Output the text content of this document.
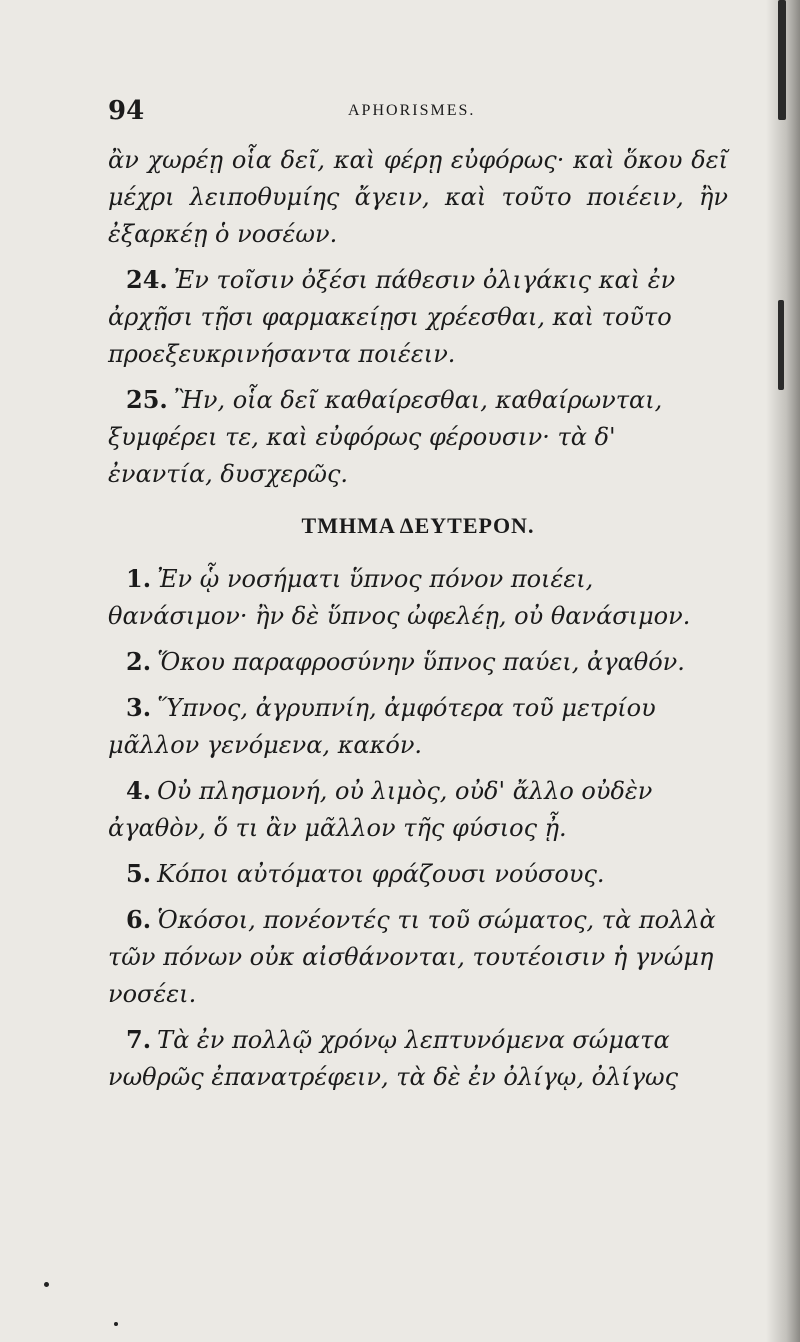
94	APHORISMES.

ἂν χωρέῃ οἷα δεῖ, καὶ φέρῃ εὐφόρως· καὶ ὅκου δεῖ μέχρι λειποθυμίης ἄγειν, καὶ τοῦτο ποιέειν, ἢν ἐξαρκέῃ ὁ νοσέων.

24. Ἐν τοῖσιν ὀξέσι πάθεσιν ὀλιγάκις καὶ ἐν ἀρχῇσι τῇσι φαρμακείῃσι χρέεσθαι, καὶ τοῦτο προεξευκρινήσαντα ποιέειν.

25. Ἢν, οἷα δεῖ καθαίρεσθαι, καθαίρωνται, ξυμφέρει τε, καὶ εὐφόρως φέρουσιν· τὰ δ' ἐναντία, δυσχερῶς.

ΤΜΗΜΑ ΔΕΥΤΕΡΟΝ.

1. Ἐν ᾧ νοσήματι ὕπνος πόνον ποιέει, θανάσιμον· ἢν δὲ ὕπνος ὠφελέῃ, οὐ θανάσιμον.

2. Ὅκου παραφροσύνην ὕπνος παύει, ἀγαθόν.

3. Ὕπνος, ἀγρυπνίη, ἀμφότερα τοῦ μετρίου μᾶλλον γενόμενα, κακόν.

4. Οὐ πλησμονή, οὐ λιμὸς, οὐδ' ἄλλο οὐδὲν ἀγαθὸν, ὅ τι ἂν μᾶλλον τῆς φύσιος ᾖ.

5. Κόποι αὐτόματοι φράζουσι νούσους.

6. Ὁκόσοι, πονέοντές τι τοῦ σώματος, τὰ πολλὰ τῶν πόνων οὐκ αἰσθάνονται, τουτέοισιν ἡ γνώμη νοσέει.

7. Τὰ ἐν πολλῷ χρόνῳ λεπτυνόμενα σώματα νωθρῶς ἐπανατρέφειν, τὰ δὲ ἐν ὀλίγῳ, ὀλίγως
